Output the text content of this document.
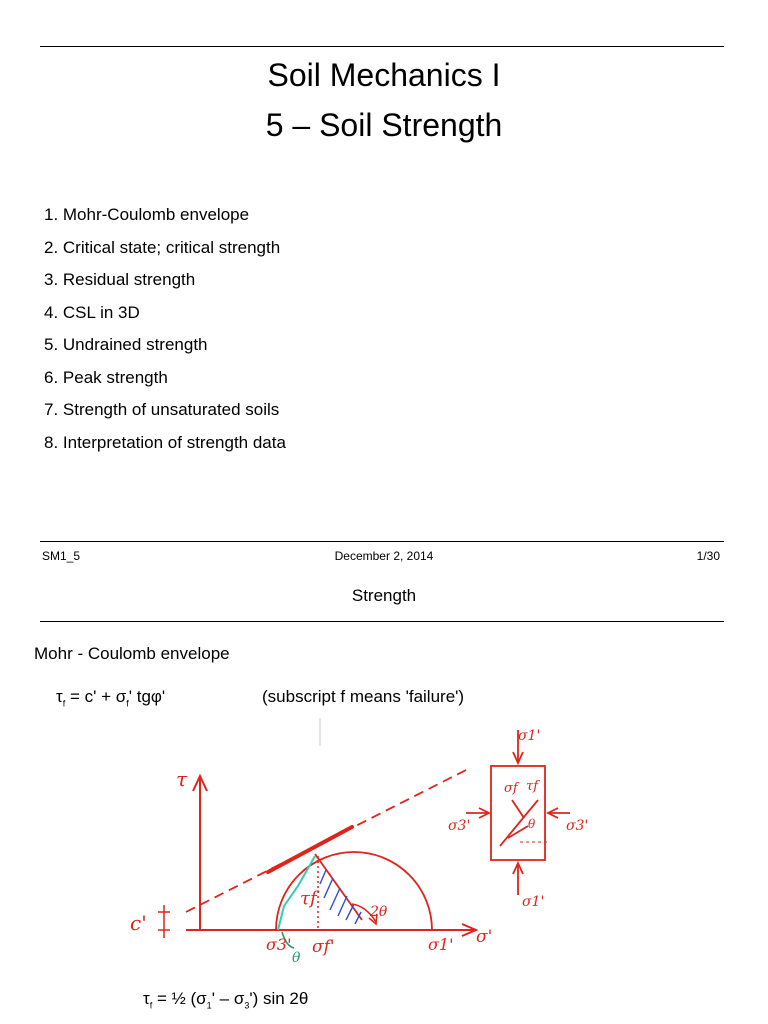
Soil Mechanics I
5 – Soil Strength
1. Mohr-Coulomb envelope
2. Critical state; critical strength
3. Residual strength
4. CSL in 3D
5. Undrained strength
6. Peak strength
7. Strength of unsaturated soils
8. Interpretation of strength data
SM1_5	December 2, 2014	1/30
Strength
Mohr - Coulomb envelope
$\tau_f = c' + \sigma_f'$ tgφ'	(subscript f means 'failure')
τ
c'
σ'
σ3' σf'	σ1'
τf
2θ
σ1'
σ1'
σ3'	σ3'
σf τf
θ
θ
$\tau_f$ = ½ $(\sigma_1' - \sigma_3')$ sin 2θ
